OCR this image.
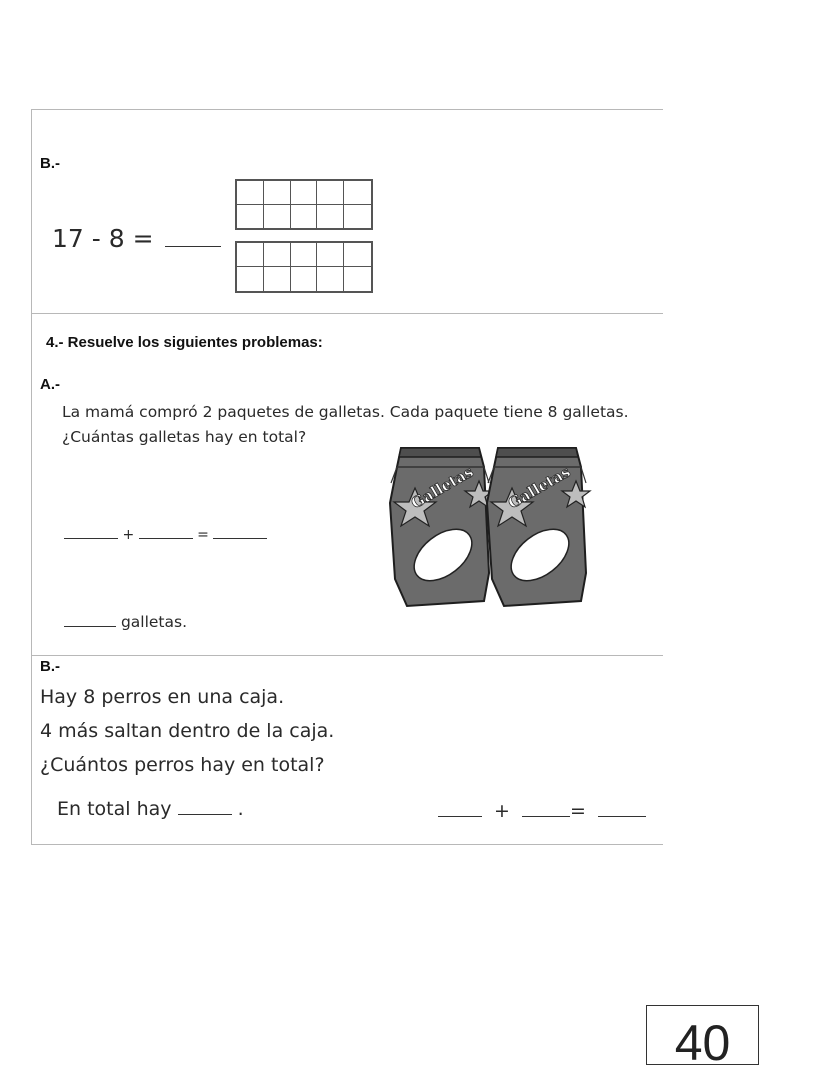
B.-
17 - 8 =
4.- Resuelve los siguientes problemas:
A.-
La mamá compró 2 paquetes de galletas. Cada paquete tiene 8 galletas.
¿Cuántas galletas hay en total?
+	=
galletas.
Galletas Galletas
B.-
Hay 8 perros en una caja.
4 más saltan dentro de la caja.
¿Cuántos perros hay en total?
En total hay	.	+	=
40
